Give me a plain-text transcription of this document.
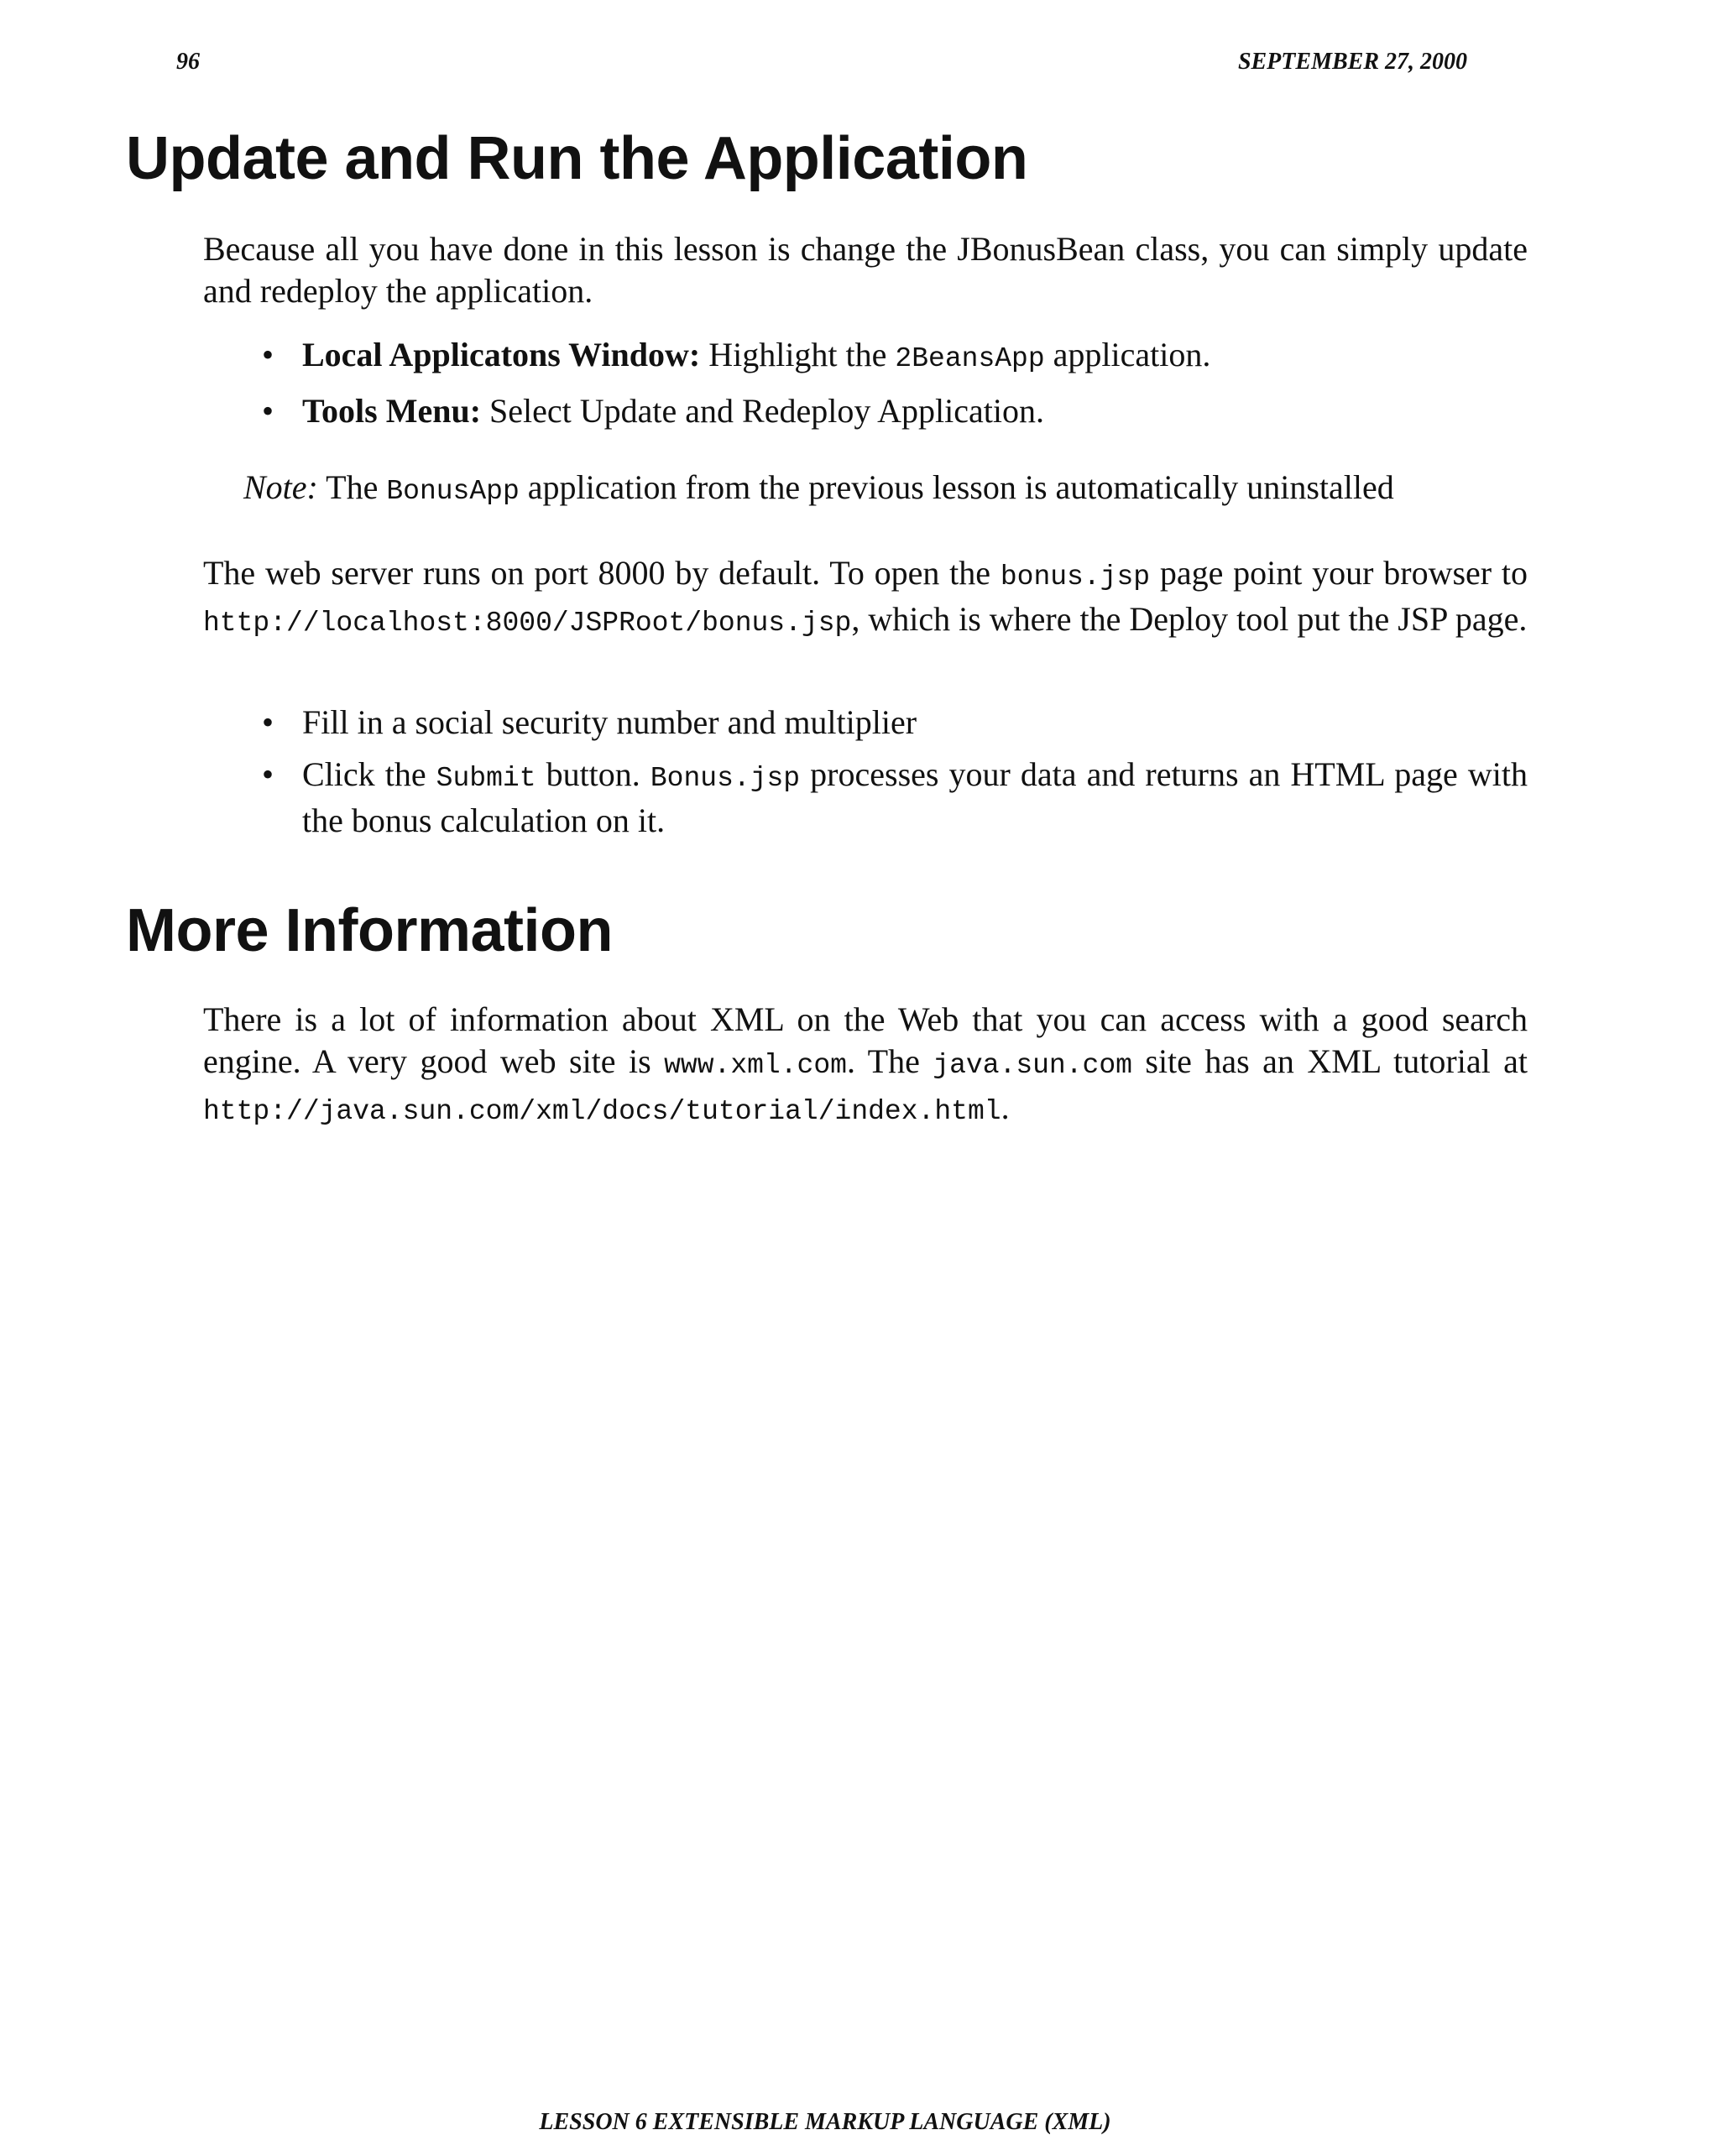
96	SEPTEMBER 27, 2000
Update and Run the Application

Because all you have done in this lesson is change the JBonusBean class, you can simply update and redeploy the application.

• Local Applicatons Window: Highlight the 2BeansApp application.
• Tools Menu: Select Update and Redeploy Application.
Note: The BonusApp application from the previous lesson is automatically uninstalled

The web server runs on port 8000 by default. To open the bonus.jsp page point your browser to http://localhost:8000/JSPRoot/bonus.jsp, which is where the Deploy tool put the JSP page.

• Fill in a social security number and multiplier
• Click the Submit button. Bonus.jsp processes your data and returns an HTML page with the bonus calculation on it.
More Information

There is a lot of information about XML on the Web that you can access with a good search engine. A very good web site is www.xml.com. The java.sun.com site has an XML tutorial at http://java.sun.com/xml/docs/tutorial/index.html.

LESSON 6 EXTENSIBLE MARKUP LANGUAGE (XML)
